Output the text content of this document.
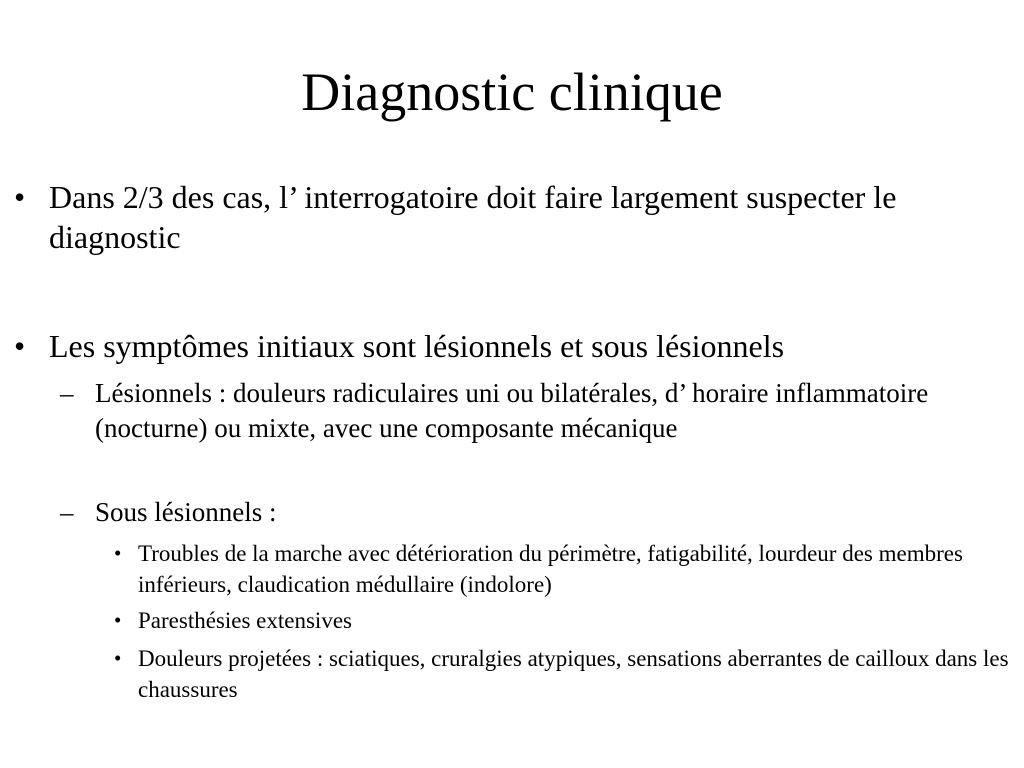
Diagnostic clinique
• Dans 2/3 des cas, l’ interrogatoire doit faire largement suspecter le diagnostic
• Les symptômes initiaux sont lésionnels et sous lésionnels
– Lésionnels : douleurs radiculaires uni ou bilatérales, d’ horaire inflammatoire (nocturne) ou mixte, avec une composante mécanique
– Sous lésionnels :
• Troubles de la marche avec détérioration du périmètre, fatigabilité, lourdeur des membres inférieurs, claudication médullaire (indolore)
• Paresthésies extensives
• Douleurs projetées : sciatiques, cruralgies atypiques, sensations aberrantes de cailloux dans les chaussures
